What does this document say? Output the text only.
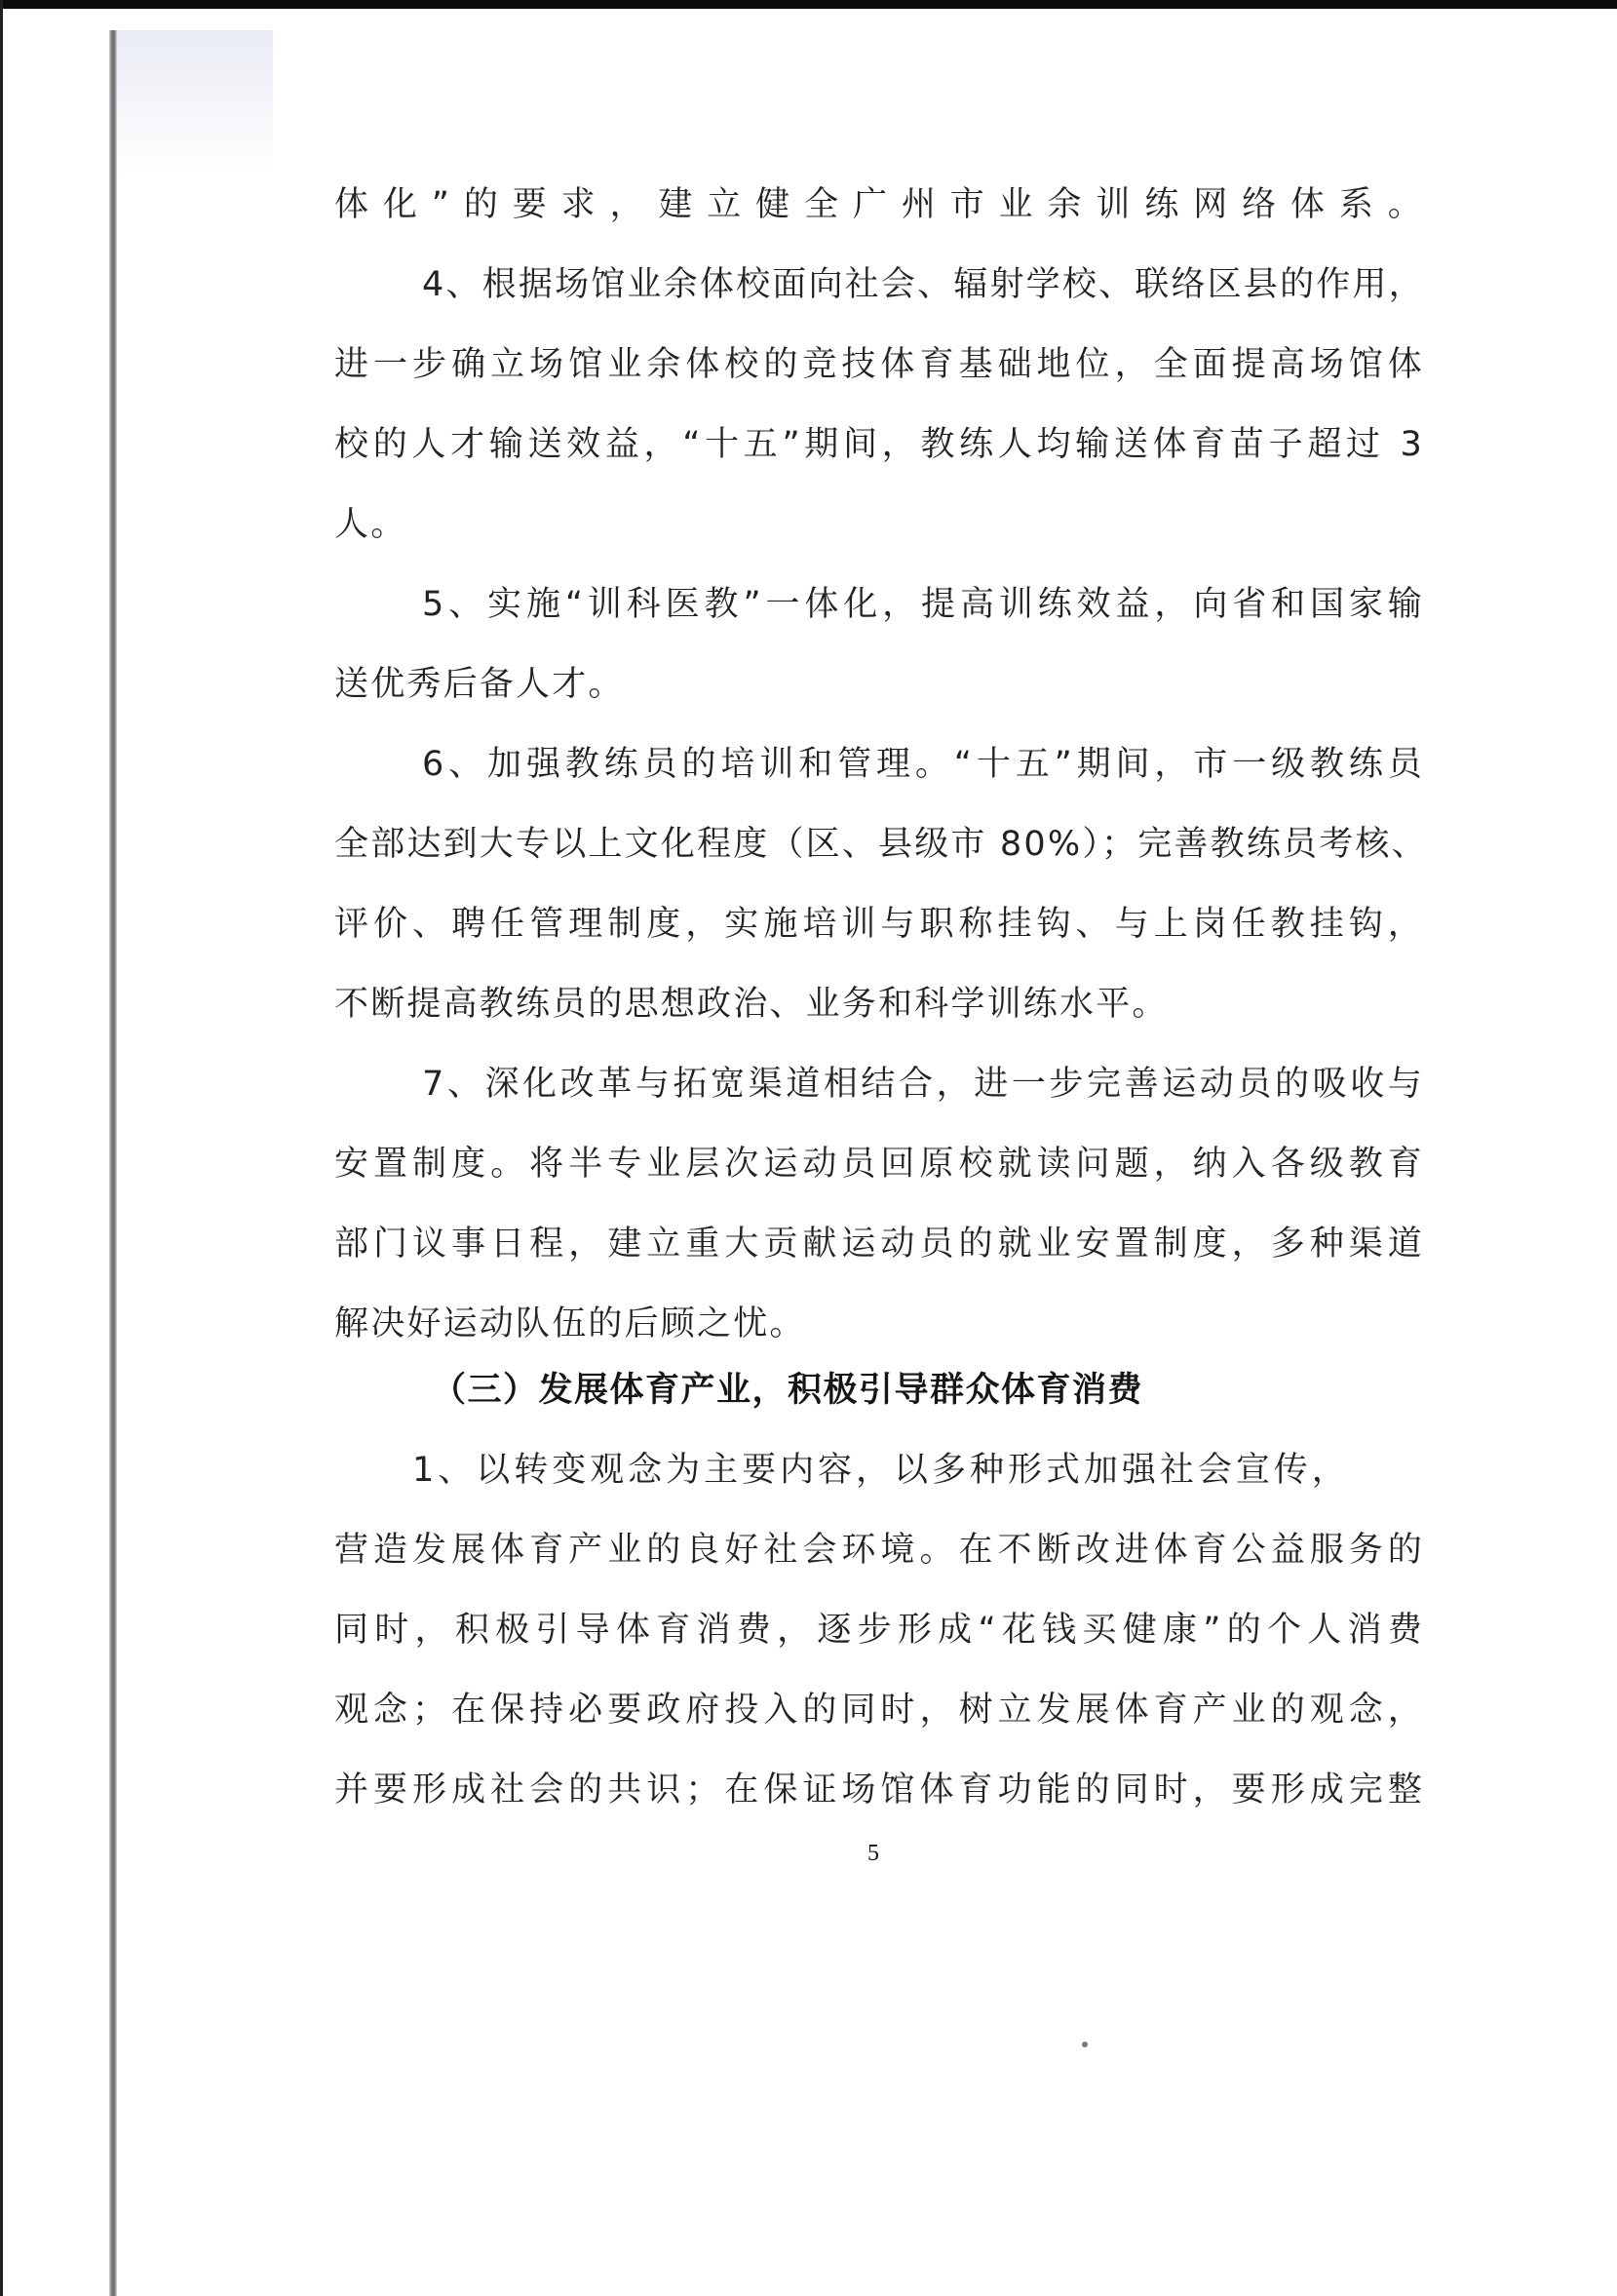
体化”的要求，建立健全广州市业余训练网络体系。
4、根据场馆业余体校面向社会、辐射学校、联络区县的作用，
进一步确立场馆业余体校的竞技体育基础地位，全面提高场馆体
校的人才输送效益，“十五”期间，教练人均输送体育苗子超过 3
人。
5、实施“训科医教”一体化，提高训练效益，向省和国家输
送优秀后备人才。
6、加强教练员的培训和管理。“十五”期间，市一级教练员
全部达到大专以上文化程度（区、县级市 80%）；完善教练员考核、
评价、聘任管理制度，实施培训与职称挂钩、与上岗任教挂钩，
不断提高教练员的思想政治、业务和科学训练水平。
7、深化改革与拓宽渠道相结合，进一步完善运动员的吸收与
安置制度。将半专业层次运动员回原校就读问题，纳入各级教育
部门议事日程，建立重大贡献运动员的就业安置制度，多种渠道
解决好运动队伍的后顾之忧。
（三）发展体育产业，积极引导群众体育消费
1、以转变观念为主要内容，以多种形式加强社会宣传，
营造发展体育产业的良好社会环境。在不断改进体育公益服务的
同时，积极引导体育消费，逐步形成“花钱买健康”的个人消费
观念；在保持必要政府投入的同时，树立发展体育产业的观念，
并要形成社会的共识；在保证场馆体育功能的同时，要形成完整
5
